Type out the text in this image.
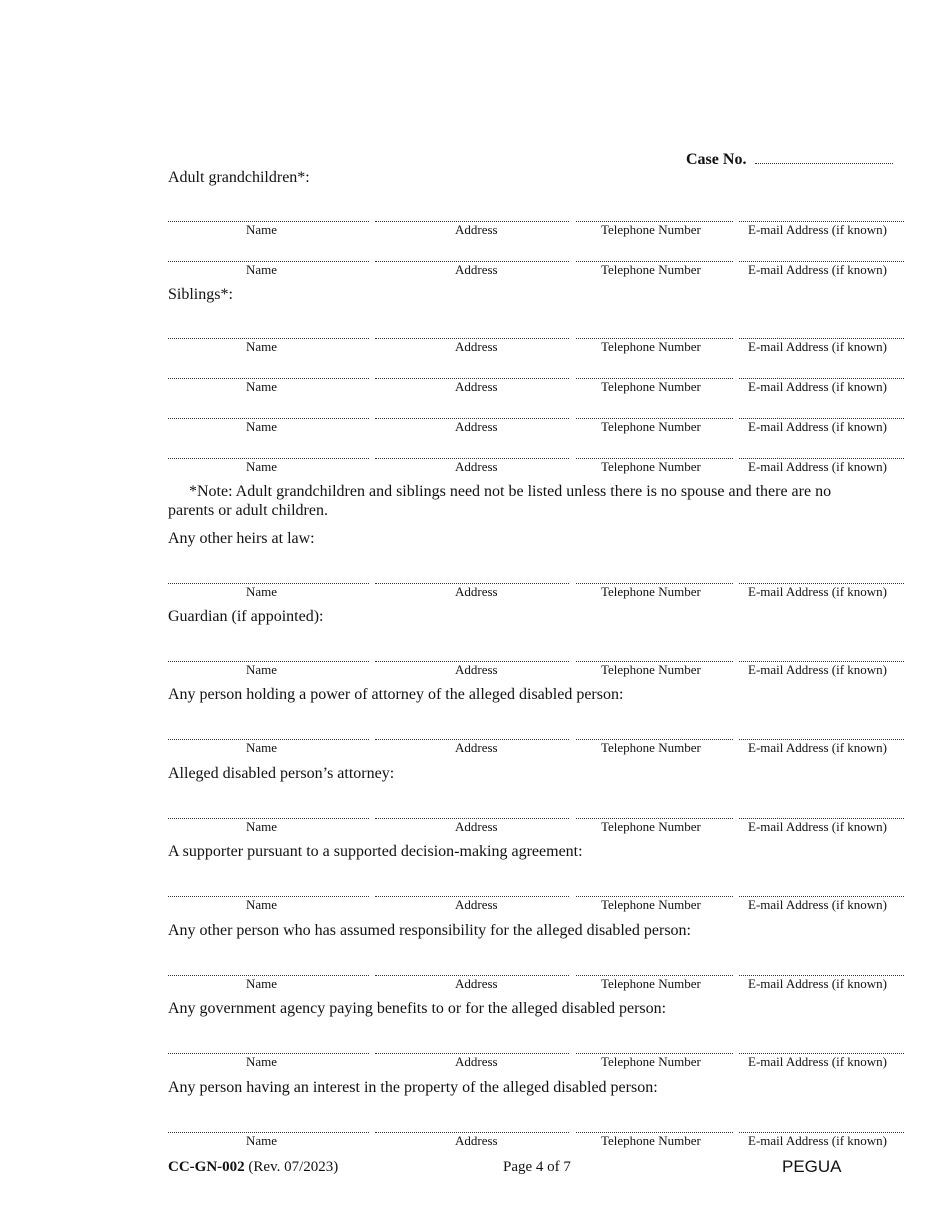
Case No.
Adult grandchildren*:
Name	Address	Telephone Number	E-mail Address (if known)
Name	Address	Telephone Number	E-mail Address (if known)
Siblings*:
Name	Address	Telephone Number	E-mail Address (if known)
Name	Address	Telephone Number	E-mail Address (if known)
Name	Address	Telephone Number	E-mail Address (if known)
Name	Address	Telephone Number	E-mail Address (if known)
Any other heirs at law:
Name	Address	Telephone Number	E-mail Address (if known)
Guardian (if appointed):
Name	Address	Telephone Number	E-mail Address (if known)
Any person holding a power of attorney of the alleged disabled person:
Name	Address	Telephone Number	E-mail Address (if known)
Alleged disabled person’s attorney:
Name	Address	Telephone Number	E-mail Address (if known)
A supporter pursuant to a supported decision-making agreement:
Name	Address	Telephone Number	E-mail Address (if known)
Any other person who has assumed responsibility for the alleged disabled person:
Name	Address	Telephone Number	E-mail Address (if known)
Any government agency paying benefits to or for the alleged disabled person:
Name	Address	Telephone Number	E-mail Address (if known)
Any person having an interest in the property of the alleged disabled person:
Name	Address	Telephone Number	E-mail Address (if known)
*Note: Adult grandchildren and siblings need not be listed unless there is no spouse and there are no
parents or adult children.
CC-GN-002 (Rev. 07/2023)	Page 4 of 7	PEGUA
